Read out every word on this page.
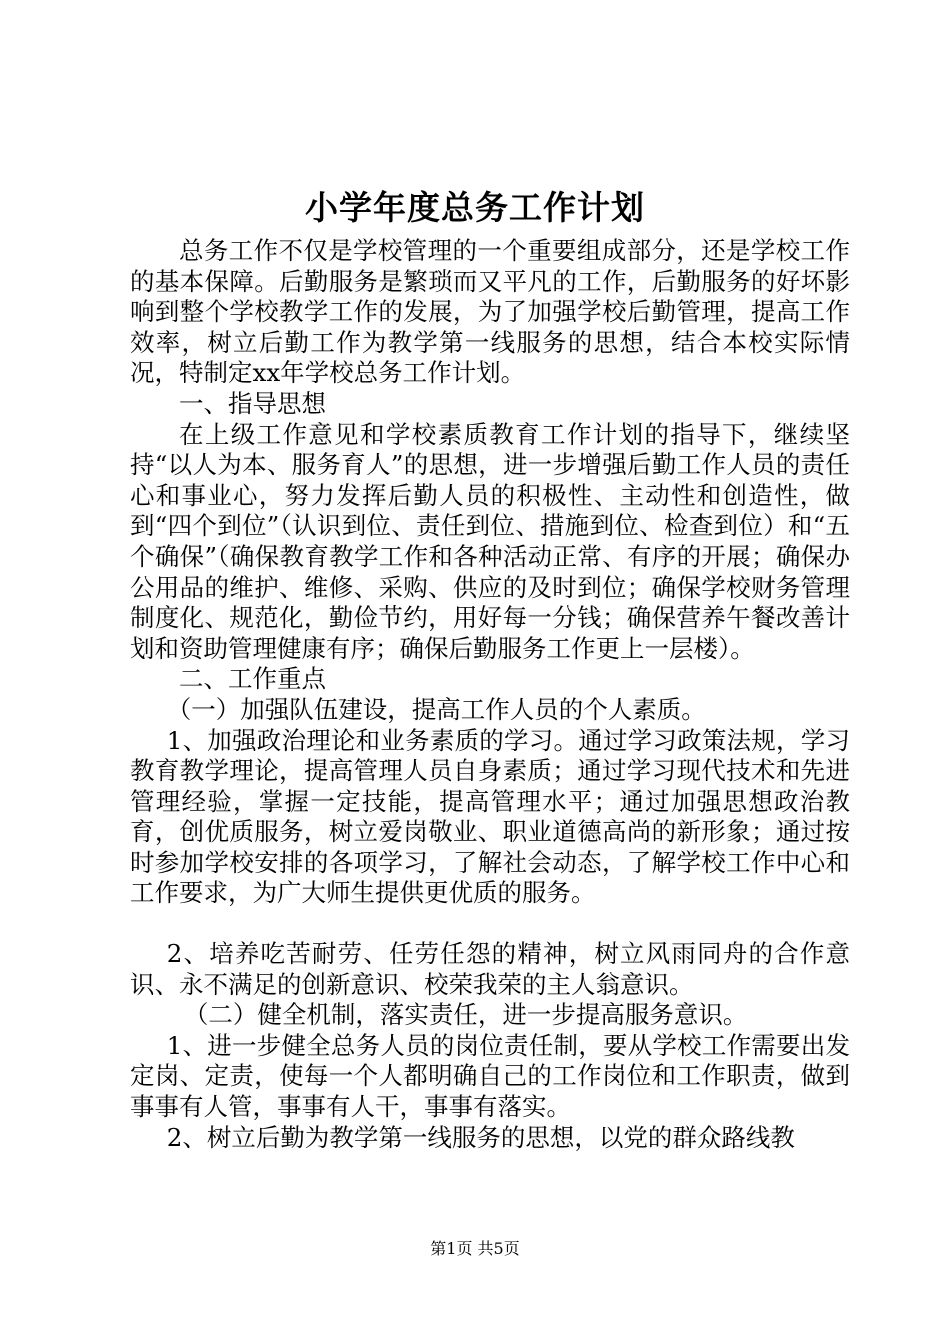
小学年度总务工作计划

总务工作不仅是学校管理的一个重要组成部分，还是学校工作的基本保障。后勤服务是繁琐而又平凡的工作，后勤服务的好坏影响到整个学校教学工作的发展，为了加强学校后勤管理，提高工作效率，树立后勤工作为教学第一线服务的思想，结合本校实际情况，特制定xx年学校总务工作计划。

一、指导思想

在上级工作意见和学校素质教育工作计划的指导下，继续坚持“以人为本、服务育人”的思想，进一步增强后勤工作人员的责任心和事业心，努力发挥后勤人员的积极性、主动性和创造性，做到“四个到位”（认识到位、责任到位、措施到位、检查到位）和“五个确保”（确保教育教学工作和各种活动正常、有序的开展；确保办公用品的维护、维修、采购、供应的及时到位；确保学校财务管理制度化、规范化，勤俭节约，用好每一分钱；确保营养午餐改善计划和资助管理健康有序；确保后勤服务工作更上一层楼）。

二、工作重点

（一）加强队伍建设，提高工作人员的个人素质。

1、加强政治理论和业务素质的学习。通过学习政策法规，学习教育教学理论，提高管理人员自身素质；通过学习现代技术和先进管理经验，掌握一定技能，提高管理水平；通过加强思想政治教育，创优质服务，树立爱岗敬业、职业道德高尚的新形象；通过按时参加学校安排的各项学习，了解社会动态，了解学校工作中心和工作要求，为广大师生提供更优质的服务。

2、培养吃苦耐劳、任劳任怨的精神，树立风雨同舟的合作意识、永不满足的创新意识、校荣我荣的主人翁意识。

（二）健全机制，落实责任，进一步提高服务意识。

1、进一步健全总务人员的岗位责任制，要从学校工作需要出发定岗、定责，使每一个人都明确自己的工作岗位和工作职责，做到事事有人管，事事有人干，事事有落实。

2、树立后勤为教学第一线服务的思想，以党的群众路线教

第1页 共5页
